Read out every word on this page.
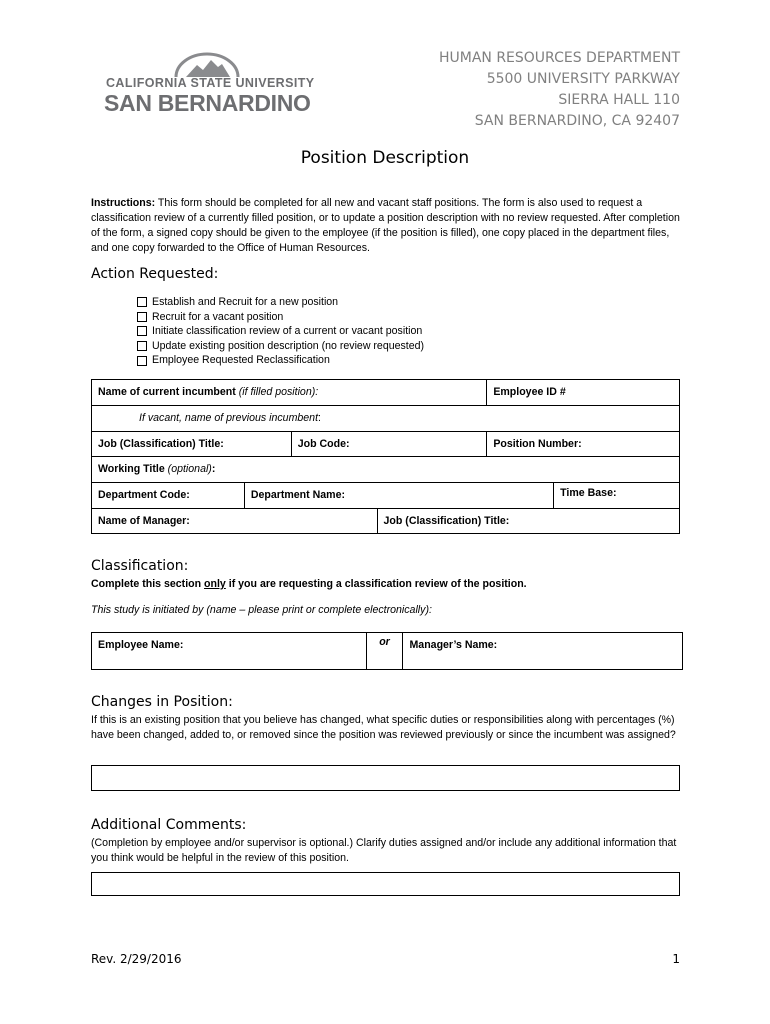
CALIFORNIA STATE UNIVERSITY
SAN BERNARDINO
HUMAN RESOURCES DEPARTMENT
5500 UNIVERSITY PARKWAY
SIERRA HALL 110
SAN BERNARDINO, CA 92407
Position Description
Instructions: This form should be completed for all new and vacant staff positions. The form is also used to request a classification review of a currently filled position, or to update a position description with no review requested. After completion of the form, a signed copy should be given to the employee (if the position is filled), one copy placed in the department files, and one copy forwarded to the Office of Human Resources.
Action Requested:
Establish and Recruit for a new position
Recruit for a vacant position
Initiate classification review of a current or vacant position
Update existing position description (no review requested)
Employee Requested Reclassification
Name of current incumbent (if filled position):				Employee ID #	
If vacant, name of previous incumbent:					
Job (Classification) Title:		Job Code:		Position Number:	
Working Title (optional):					
Department Code:	Department Name:				Time Base:
Name of Manager:			Job (Classification) Title:		
Classification:
Complete this section only if you are requesting a classification review of the position.
This study is initiated by (name – please print or complete electronically):
Employee Name:	or	Manager’s Name:
Changes in Position:
If this is an existing position that you believe has changed, what specific duties or responsibilities along with percentages (%) have been changed, added to, or removed since the position was reviewed previously or since the incumbent was assigned?
Additional Comments:
(Completion by employee and/or supervisor is optional.) Clarify duties assigned and/or include any additional information that you think would be helpful in the review of this position.
Rev. 2/29/2016	1
